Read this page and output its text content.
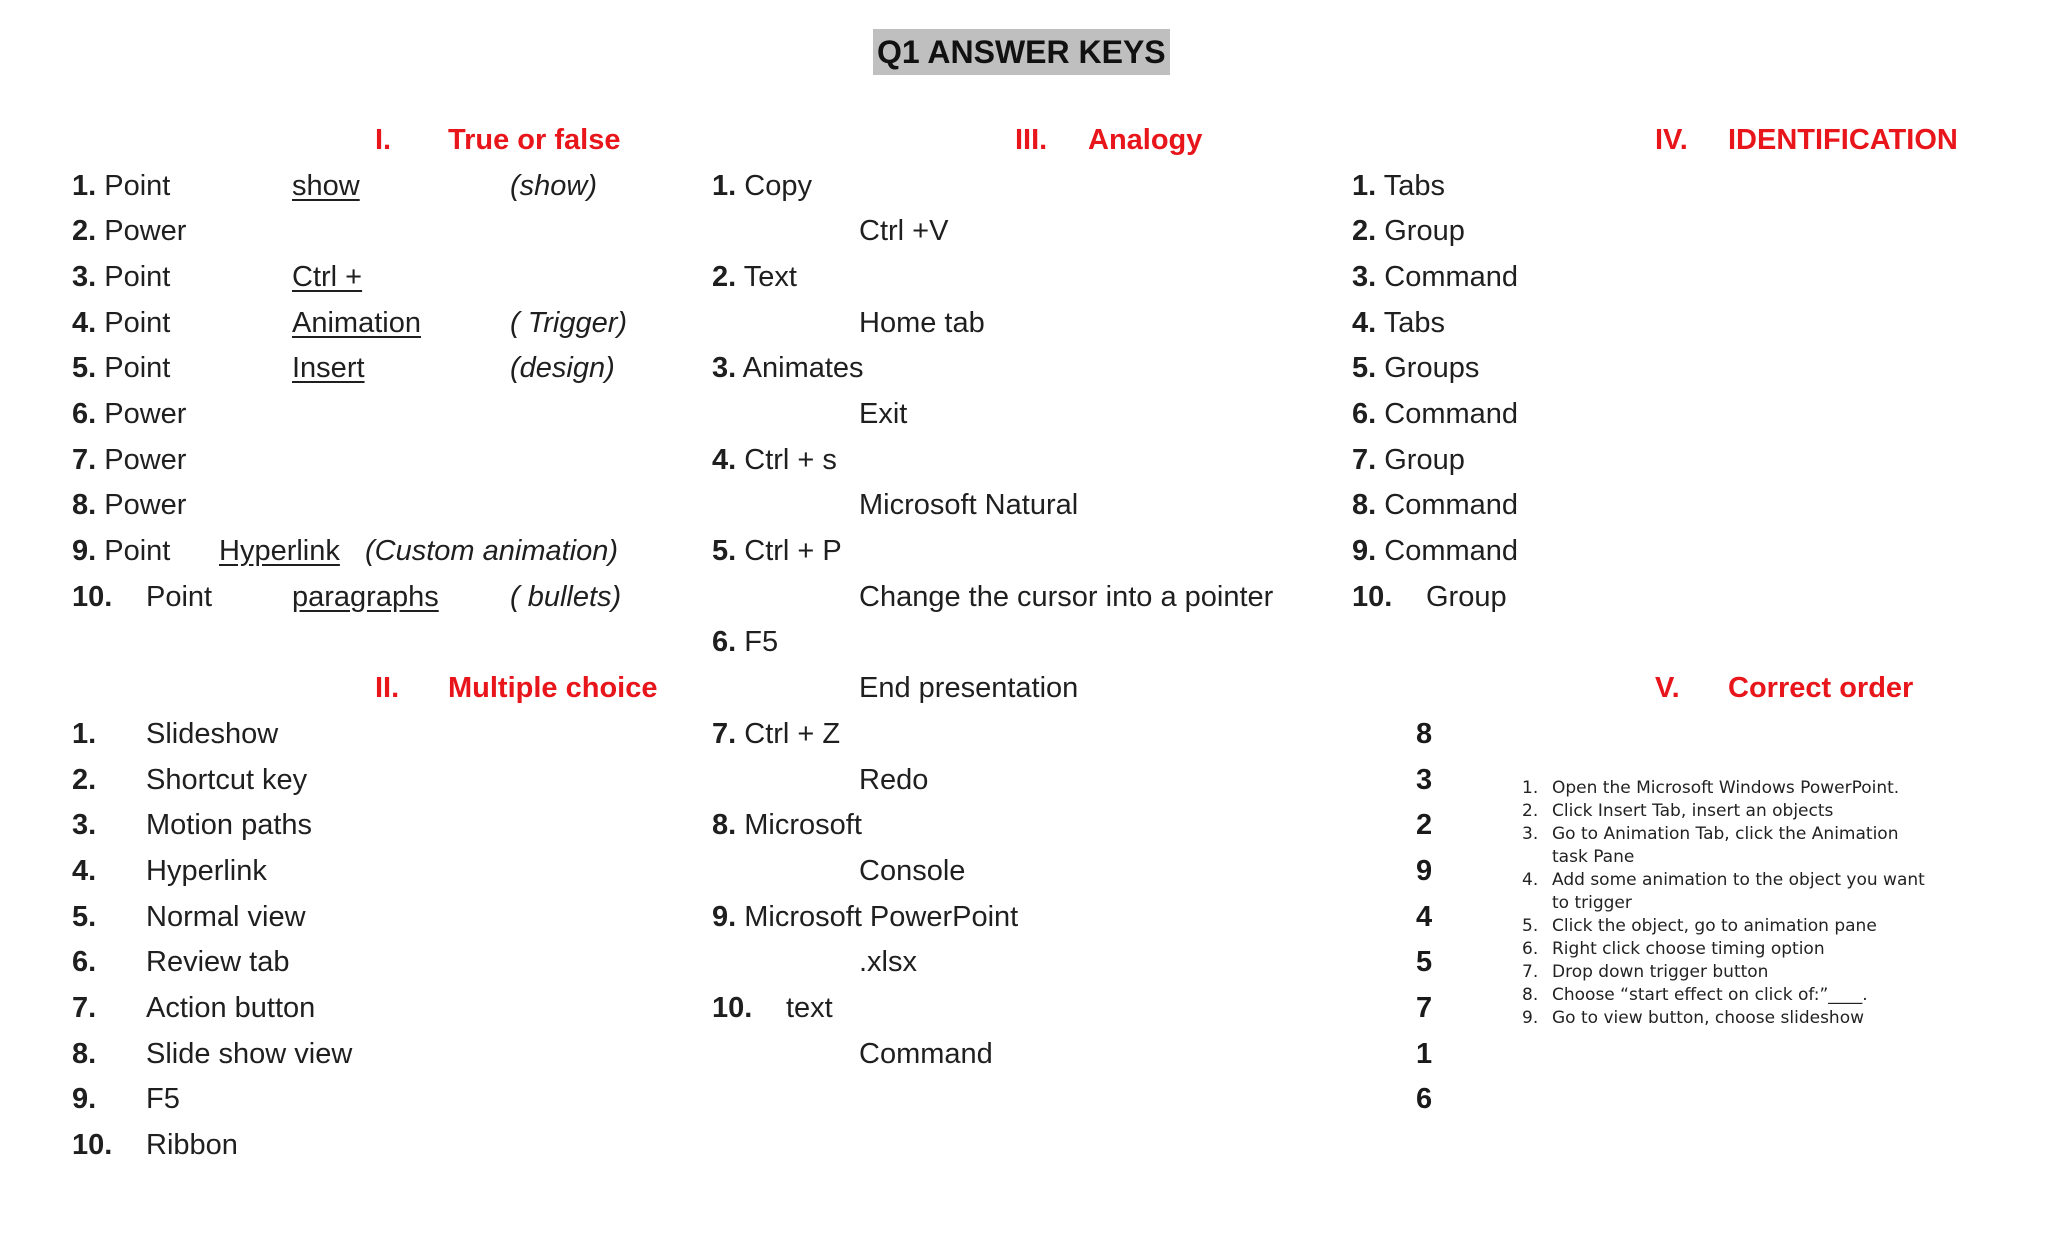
Q1 ANSWER KEYS
I. True or false
II. Multiple choice
III. Analogy	IV. IDENTIFICATION
V. Correct order
1. Point	show	(show)
2. Power
3. Point	Ctrl +
4. Point	Animation	( Trigger)
5. Point	Insert	(design)
6. Power
7. Power
8. Power
9. Point Hyperlink (Custom animation)
10. Point	paragraphs ( bullets)
1. Slideshow
2. Shortcut key
3. Motion paths
4. Hyperlink
5. Normal view
6. Review tab
7. Action button
8. Slide show view
9. F5
10. Ribbon
1. Copy
Ctrl +V
2. Text
Home tab
3. Animates
Exit
4. Ctrl + s
Microsoft Natural
5. Ctrl + P
Change the cursor into a pointer
6. F5
End presentation
7. Ctrl + Z
Redo
8. Microsoft
Console
9. Microsoft PowerPoint
.xlsx
10. text
Command
1. Tabs
2. Group
3. Command
4. Tabs
5. Groups
6. Command
7. Group
8. Command
9. Command
10. Group
8
3
2
9
4
5
7
1
6
1. Open the Microsoft Windows PowerPoint.
2. Click Insert Tab, insert an objects
3. Go to Animation Tab, click the Animation task Pane
4. Add some animation to the object you want to trigger
5. Click the object, go to animation pane
6. Right click choose timing option
7. Drop down trigger button
8. Choose “start effect on click of:”____.
9. Go to view button, choose slideshow
